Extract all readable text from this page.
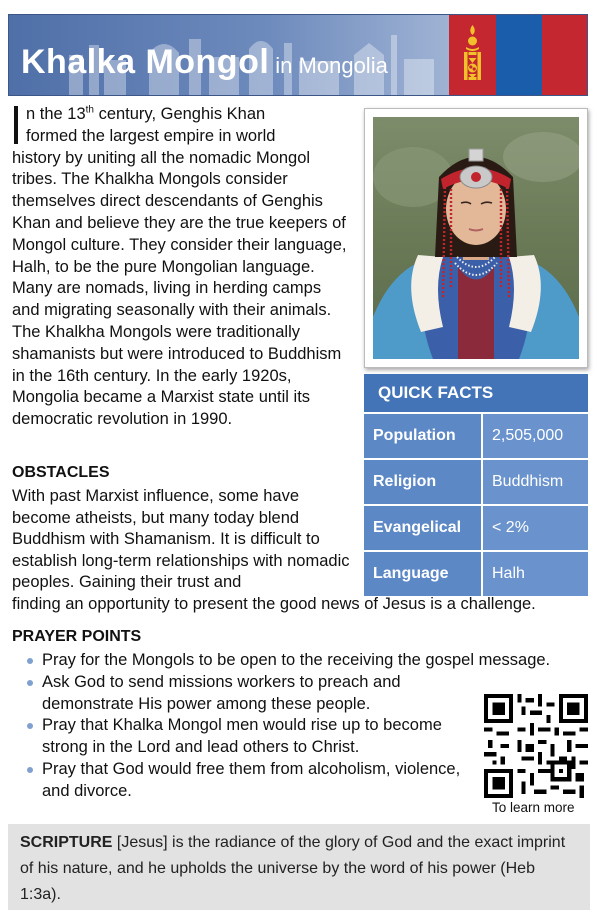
Khalka Mongol in Mongolia
n the 13th century, Genghis Khan
formed the largest empire in world
history by uniting all the nomadic Mongol tribes. The Khalkha Mongols consider themselves direct descendants of Genghis Khan and believe they are the true keepers of Mongol culture. They consider their language, Halh, to be the pure Mongolian language. Many are nomads, living in herding camps and migrating seasonally with their animals. The Khalkha Mongols were traditionally shamanists but were introduced to Buddhism in the 16th century. In the early 1920s, Mongolia became a Marxist state until its democratic revolution in 1990.
QUICK FACTS
Population	2,505,000
Religion	Buddhism
Evangelical	< 2%
Language	Halh
OBSTACLES
With past Marxist influence, some have become atheists, but many today blend Buddhism with Shamanism. It is difficult to establish long-term relationships with nomadic peoples. Gaining their trust and
finding an opportunity to present the good news of Jesus is a challenge.
PRAYER POINTS
Pray for the Mongols to be open to the receiving the gospel message.
Ask God to send missions workers to preach and demonstrate His power among these people.
Pray that Khalka Mongol men would rise up to become strong in the Lord and lead others to Christ.
Pray that God would free them from alcoholism, violence, and divorce.
To learn more
SCRIPTURE [Jesus] is the radiance of the glory of God and the exact imprint of his nature, and he upholds the universe by the word of his power (Heb 1:3a).
